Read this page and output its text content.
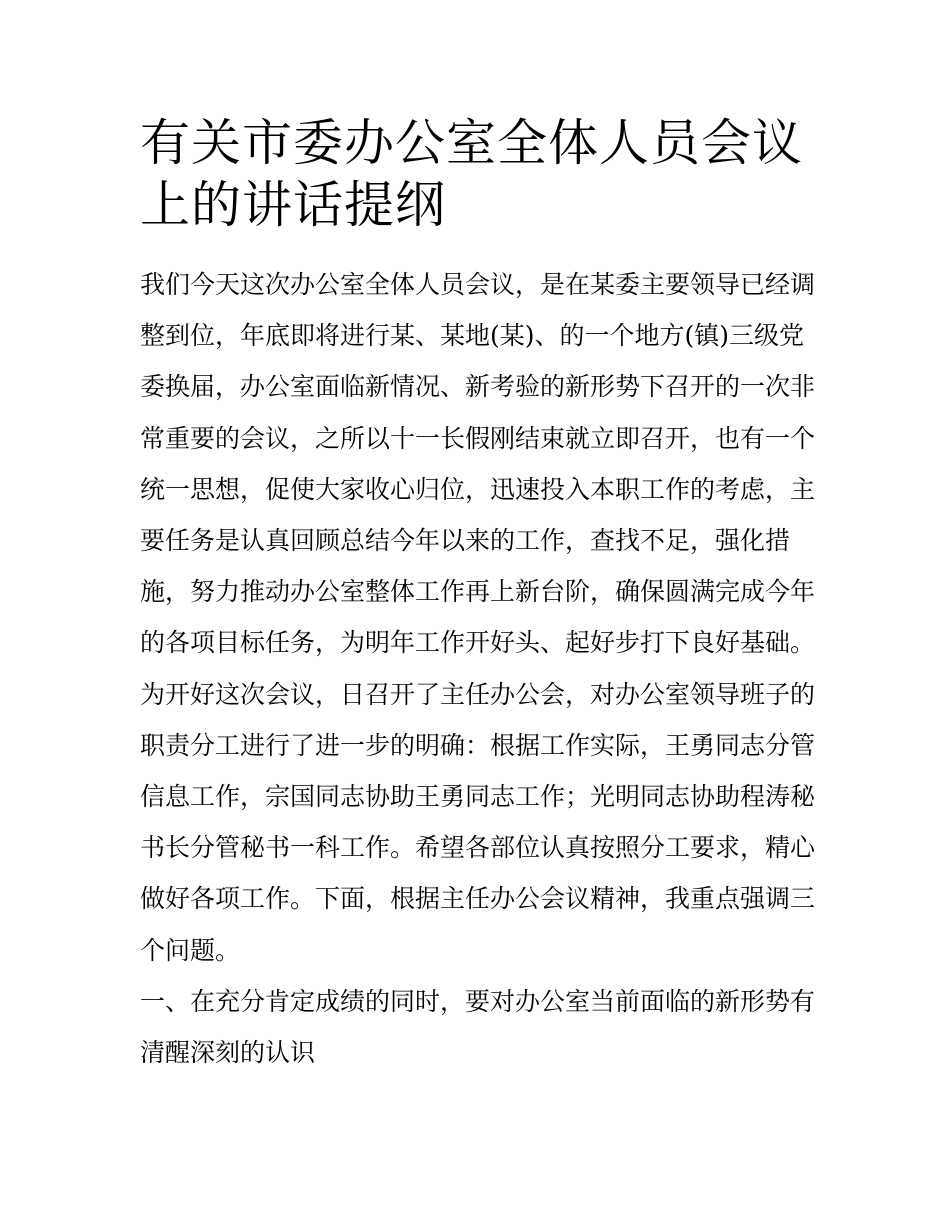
有关市委办公室全体人员会议
上的讲话提纲
我们今天这次办公室全体人员会议，是在某委主要领导已经调
整到位，年底即将进行某、某地(某)、的一个地方(镇)三级党
委换届，办公室面临新情况、新考验的新形势下召开的一次非
常重要的会议，之所以十一长假刚结束就立即召开，也有一个
统一思想，促使大家收心归位，迅速投入本职工作的考虑，主
要任务是认真回顾总结今年以来的工作，查找不足，强化措
施，努力推动办公室整体工作再上新台阶，确保圆满完成今年
的各项目标任务，为明年工作开好头、起好步打下良好基础。
为开好这次会议，日召开了主任办公会，对办公室领导班子的
职责分工进行了进一步的明确：根据工作实际，王勇同志分管
信息工作，宗国同志协助王勇同志工作；光明同志协助程涛秘
书长分管秘书一科工作。希望各部位认真按照分工要求，精心
做好各项工作。下面，根据主任办公会议精神，我重点强调三
个问题。
一、在充分肯定成绩的同时，要对办公室当前面临的新形势有
清醒深刻的认识
